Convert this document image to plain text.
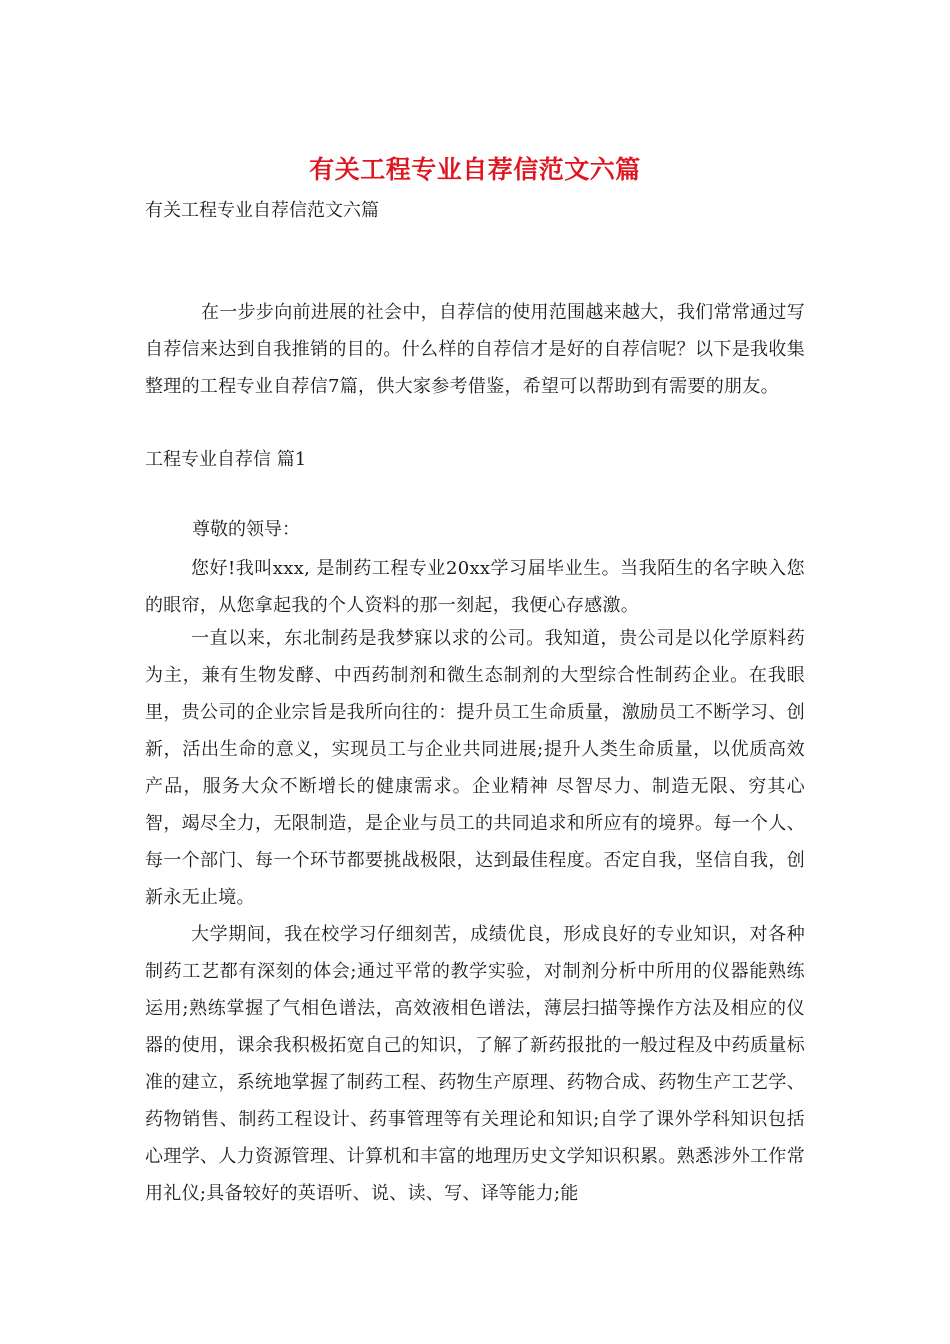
有关工程专业自荐信范文六篇

有关工程专业自荐信范文六篇

在一步步向前进展的社会中，自荐信的使用范围越来越大，我们常常通过写自荐信来达到自我推销的目的。什么样的自荐信才是好的自荐信呢？以下是我收集整理的工程专业自荐信7篇，供大家参考借鉴，希望可以帮助到有需要的朋友。

工程专业自荐信 篇1

尊敬的领导：

您好!我叫xxx, 是制药工程专业20xx学习届毕业生。当我陌生的名字映入您的眼帘，从您拿起我的个人资料的那一刻起，我便心存感激。

一直以来，东北制药是我梦寐以求的公司。我知道，贵公司是以化学原料药为主，兼有生物发酵、中西药制剂和微生态制剂的大型综合性制药企业。在我眼里，贵公司的企业宗旨是我所向往的：提升员工生命质量，激励员工不断学习、创新，活出生命的意义，实现员工与企业共同进展;提升人类生命质量，以优质高效产品，服务大众不断增长的健康需求。企业精神 尽智尽力、制造无限、穷其心智，竭尽全力，无限制造，是企业与员工的共同追求和所应有的境界。每一个人、每一个部门、每一个环节都要挑战极限，达到最佳程度。否定自我，坚信自我，创新永无止境。

大学期间，我在校学习仔细刻苦，成绩优良，形成良好的专业知识，对各种制药工艺都有深刻的体会;通过平常的教学实验，对制剂分析中所用的仪器能熟练运用;熟练掌握了气相色谱法，高效液相色谱法，薄层扫描等操作方法及相应的仪器的使用，课余我积极拓宽自己的知识，了解了新药报批的一般过程及中药质量标准的建立，系统地掌握了制药工程、药物生产原理、药物合成、药物生产工艺学、药物销售、制药工程设计、药事管理等有关理论和知识;自学了课外学科知识包括心理学、人力资源管理、计算机和丰富的地理历史文学知识积累。熟悉涉外工作常用礼仪;具备较好的英语听、说、读、写、译等能力;能
